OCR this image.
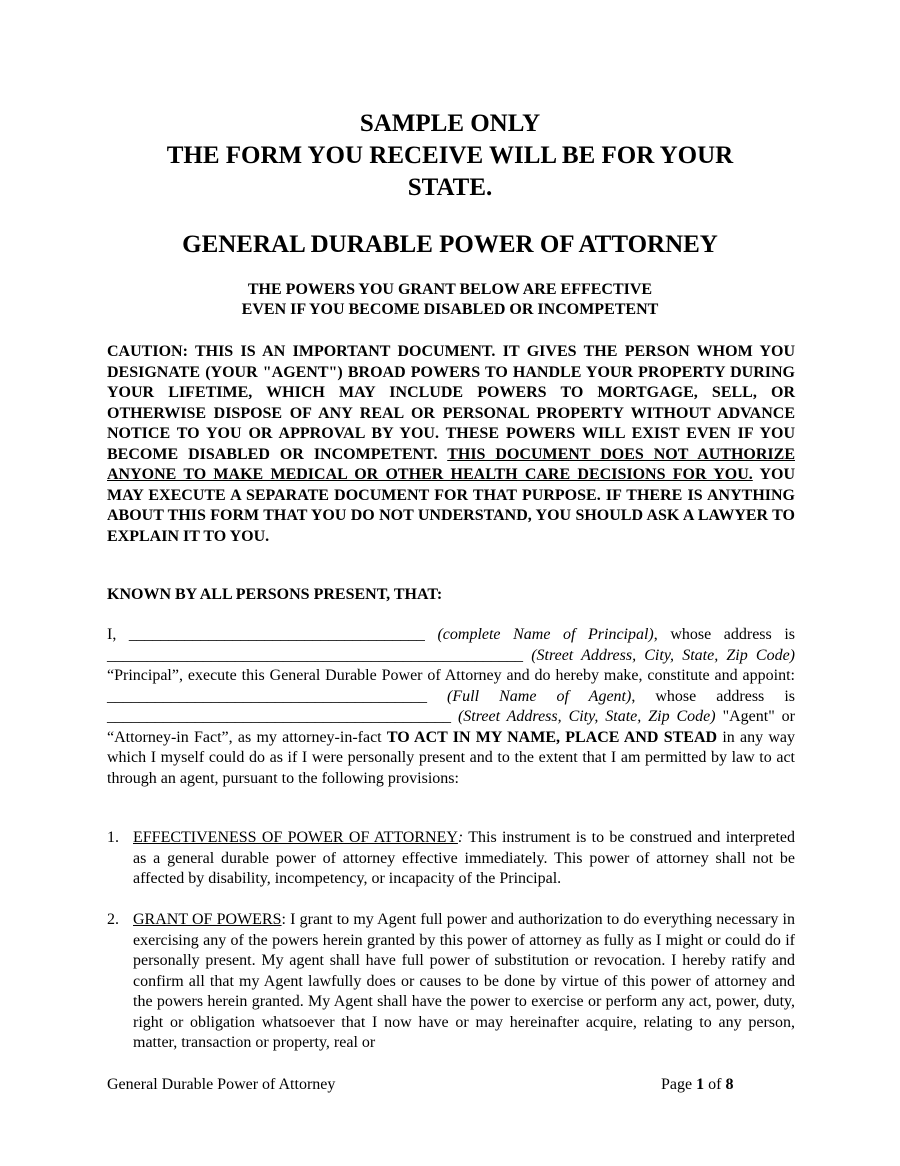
SAMPLE ONLY
THE FORM YOU RECEIVE WILL BE FOR YOUR
STATE.
GENERAL DURABLE POWER OF ATTORNEY
THE POWERS YOU GRANT BELOW ARE EFFECTIVE
EVEN IF YOU BECOME DISABLED OR INCOMPETENT

CAUTION: THIS IS AN IMPORTANT DOCUMENT. IT GIVES THE PERSON WHOM YOU DESIGNATE (YOUR "AGENT") BROAD POWERS TO HANDLE YOUR PROPERTY DURING YOUR LIFETIME, WHICH MAY INCLUDE POWERS TO MORTGAGE, SELL, OR OTHERWISE DISPOSE OF ANY REAL OR PERSONAL PROPERTY WITHOUT ADVANCE NOTICE TO YOU OR APPROVAL BY YOU. THESE POWERS WILL EXIST EVEN IF YOU BECOME DISABLED OR INCOMPETENT. THIS DOCUMENT DOES NOT AUTHORIZE ANYONE TO MAKE MEDICAL OR OTHER HEALTH CARE DECISIONS FOR YOU. YOU MAY EXECUTE A SEPARATE DOCUMENT FOR THAT PURPOSE. IF THERE IS ANYTHING ABOUT THIS FORM THAT YOU DO NOT UNDERSTAND, YOU SHOULD ASK A LAWYER TO EXPLAIN IT TO YOU.

KNOWN BY ALL PERSONS PRESENT, THAT:

I, _____________________________________ (complete Name of Principal), whose address is ____________________________________________________ (Street Address, City, State, Zip Code) “Principal”, execute this General Durable Power of Attorney and do hereby make, constitute and appoint: ________________________________________ (Full Name of Agent), whose address is ___________________________________________ (Street Address, City, State, Zip Code) "Agent" or “Attorney-in Fact”, as my attorney-in-fact TO ACT IN MY NAME, PLACE AND STEAD in any way which I myself could do as if I were personally present and to the extent that I am permitted by law to act through an agent, pursuant to the following provisions:

1. EFFECTIVENESS OF POWER OF ATTORNEY: This instrument is to be construed and interpreted as a general durable power of attorney effective immediately. This power of attorney shall not be affected by disability, incompetency, or incapacity of the Principal.
2. GRANT OF POWERS: I grant to my Agent full power and authorization to do everything necessary in exercising any of the powers herein granted by this power of attorney as fully as I might or could do if personally present. My agent shall have full power of substitution or revocation. I hereby ratify and confirm all that my Agent lawfully does or causes to be done by virtue of this power of attorney and the powers herein granted. My Agent shall have the power to exercise or perform any act, power, duty, right or obligation whatsoever that I now have or may hereinafter acquire, relating to any person, matter, transaction or property, real or
General Durable Power of Attorney	Page 1 of 8
